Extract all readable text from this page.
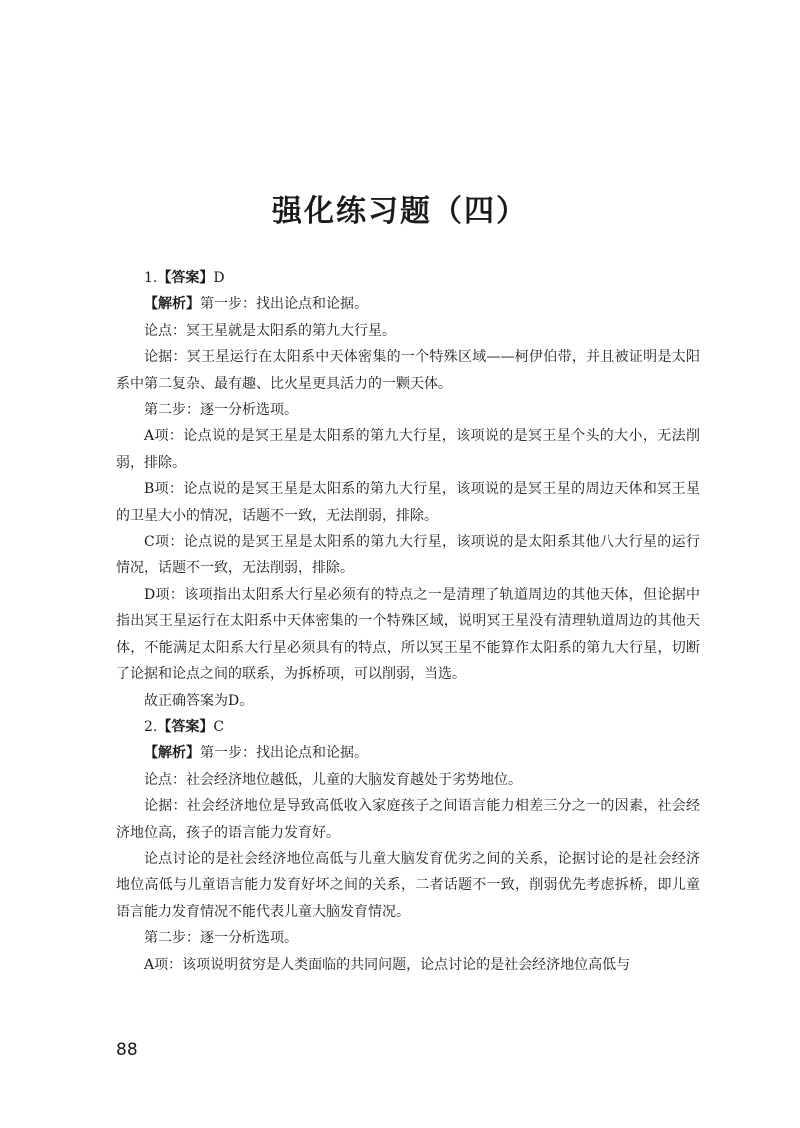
强化练习题（四）

1.【答案】D

【解析】第一步：找出论点和论据。

论点：冥王星就是太阳系的第九大行星。

论据：冥王星运行在太阳系中天体密集的一个特殊区域——柯伊伯带，并且被证明是太阳系中第二复杂、最有趣、比火星更具活力的一颗天体。

第二步：逐一分析选项。

A项：论点说的是冥王星是太阳系的第九大行星，该项说的是冥王星个头的大小，无法削弱，排除。

B项：论点说的是冥王星是太阳系的第九大行星，该项说的是冥王星的周边天体和冥王星的卫星大小的情况，话题不一致，无法削弱，排除。

C项：论点说的是冥王星是太阳系的第九大行星，该项说的是太阳系其他八大行星的运行情况，话题不一致，无法削弱，排除。

D项：该项指出太阳系大行星必须有的特点之一是清理了轨道周边的其他天体，但论据中指出冥王星运行在太阳系中天体密集的一个特殊区域，说明冥王星没有清理轨道周边的其他天体，不能满足太阳系大行星必须具有的特点，所以冥王星不能算作太阳系的第九大行星，切断了论据和论点之间的联系，为拆桥项，可以削弱，当选。

故正确答案为D。

2.【答案】C

【解析】第一步：找出论点和论据。

论点：社会经济地位越低，儿童的大脑发育越处于劣势地位。

论据：社会经济地位是导致高低收入家庭孩子之间语言能力相差三分之一的因素，社会经济地位高，孩子的语言能力发育好。

论点讨论的是社会经济地位高低与儿童大脑发育优劣之间的关系，论据讨论的是社会经济地位高低与儿童语言能力发育好坏之间的关系，二者话题不一致，削弱优先考虑拆桥，即儿童语言能力发育情况不能代表儿童大脑发育情况。

第二步：逐一分析选项。

A项：该项说明贫穷是人类面临的共同问题，论点讨论的是社会经济地位高低与

88
